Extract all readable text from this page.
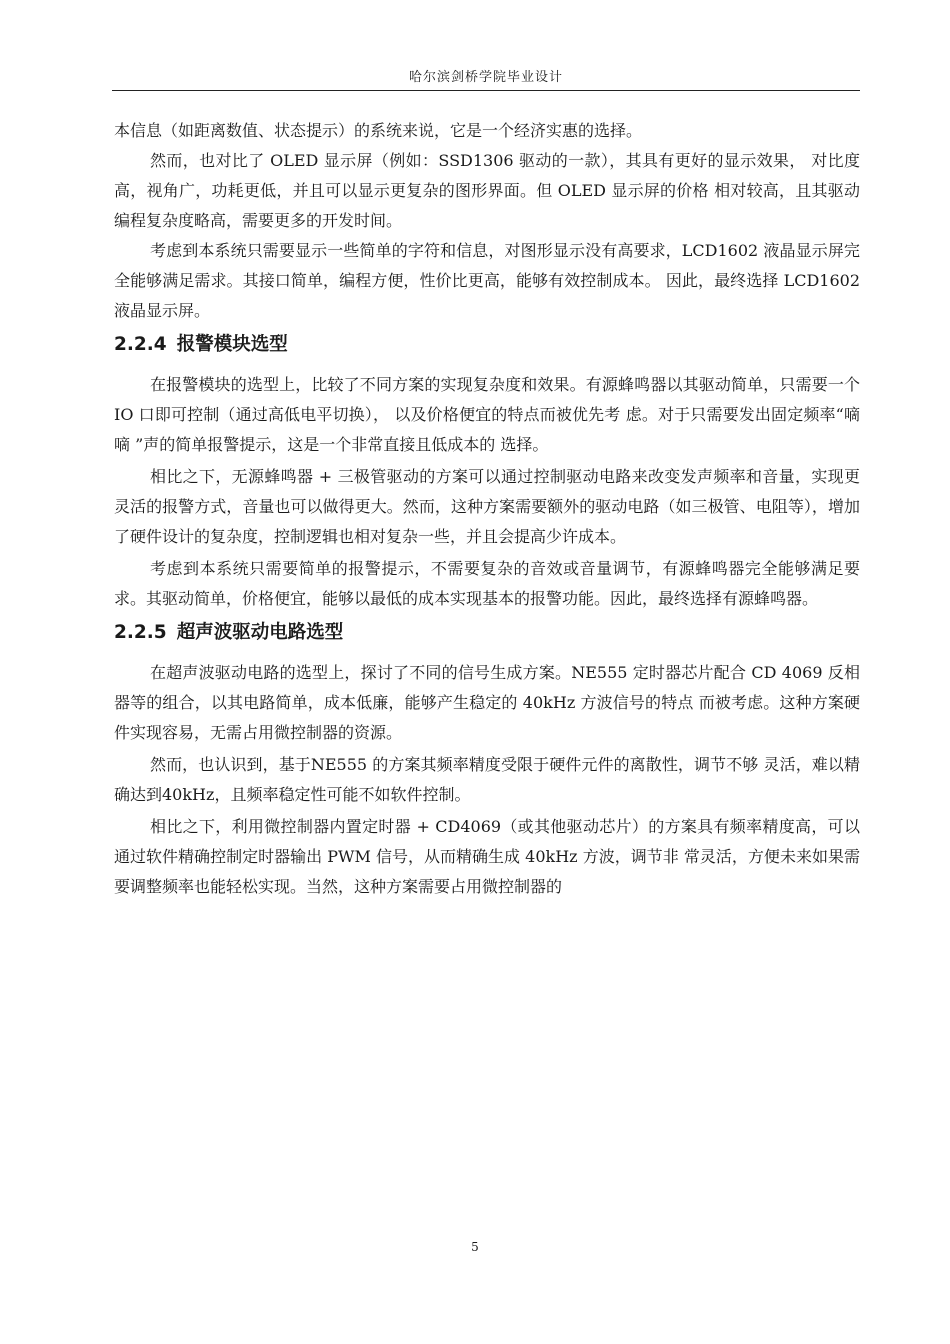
哈尔滨剑桥学院毕业设计

本信息（如距离数值、状态提示）的系统来说，它是一个经济实惠的选择。

然而，也对比了 OLED 显示屏（例如：SSD1306 驱动的一款），其具有更好的显示效果， 对比度高，视角广，功耗更低，并且可以显示更复杂的图形界面。但 OLED 显示屏的价格 相对较高，且其驱动编程复杂度略高，需要更多的开发时间。

考虑到本系统只需要显示一些简单的字符和信息，对图形显示没有高要求，LCD1602 液晶显示屏完全能够满足需求。其接口简单，编程方便，性价比更高，能够有效控制成本。 因此，最终选择 LCD1602 液晶显示屏。

2.2.4 报警模块选型

在报警模块的选型上，比较了不同方案的实现复杂度和效果。有源蜂鸣器以其驱动简单，只需要一个 IO 口即可控制（通过高低电平切换）， 以及价格便宜的特点而被优先考 虑。对于只需要发出固定频率“嘀嘀 ”声的简单报警提示，这是一个非常直接且低成本的 选择。

相比之下，无源蜂鸣器 + 三极管驱动的方案可以通过控制驱动电路来改变发声频率和音量，实现更灵活的报警方式，音量也可以做得更大。然而，这种方案需要额外的驱动电路（如三极管、电阻等），增加了硬件设计的复杂度，控制逻辑也相对复杂一些，并且会提高少许成本。

考虑到本系统只需要简单的报警提示，不需要复杂的音效或音量调节，有源蜂鸣器完全能够满足要求。其驱动简单，价格便宜，能够以最低的成本实现基本的报警功能。因此，最终选择有源蜂鸣器。

2.2.5 超声波驱动电路选型

在超声波驱动电路的选型上，探讨了不同的信号生成方案。NE555 定时器芯片配合 CD 4069 反相器等的组合，以其电路简单，成本低廉，能够产生稳定的 40kHz 方波信号的特点 而被考虑。这种方案硬件实现容易，无需占用微控制器的资源。

然而，也认识到，基于NE555 的方案其频率精度受限于硬件元件的离散性，调节不够 灵活，难以精确达到40kHz，且频率稳定性可能不如软件控制。

相比之下，利用微控制器内置定时器 + CD4069（或其他驱动芯片）的方案具有频率精度高，可以通过软件精确控制定时器输出 PWM 信号，从而精确生成 40kHz 方波，调节非 常灵活，方便未来如果需要调整频率也能轻松实现。当然，这种方案需要占用微控制器的

5
